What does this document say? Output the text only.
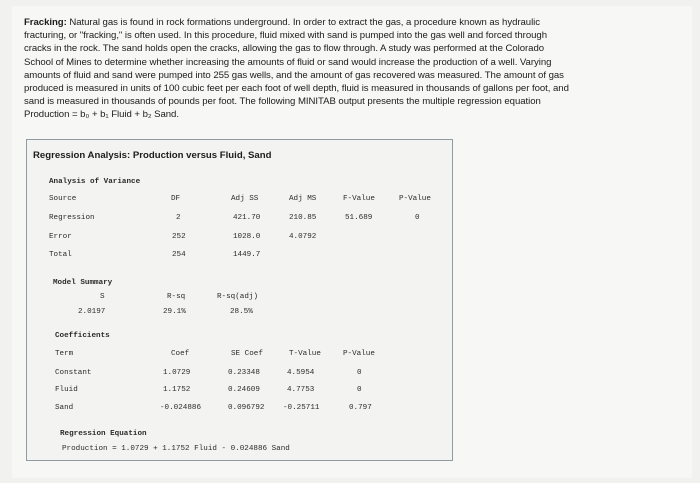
Fracking: Natural gas is found in rock formations underground. In order to extract the gas, a procedure known as hydraulic
fracturing, or "fracking," is often used. In this procedure, fluid mixed with sand is pumped into the gas well and forced through
cracks in the rock. The sand holds open the cracks, allowing the gas to flow through. A study was performed at the Colorado
School of Mines to determine whether increasing the amounts of fluid or sand would increase the production of a well. Varying
amounts of fluid and sand were pumped into 255 gas wells, and the amount of gas recovered was measured. The amount of gas
produced is measured in units of 100 cubic feet per each foot of well depth, fluid is measured in thousands of gallons per foot, and
sand is measured in thousands of pounds per foot. The following MINITAB output presents the multiple regression equation
Production = b₀ + b₁ Fluid + b₂ Sand.
Regression Analysis: Production versus Fluid, Sand
Analysis of Variance
Source	DF	Adj SS	Adj MS	F-Value	P-Value
Regression	2	421.70	210.85	51.689	0
Error	252	1028.0	4.0792
Total	254	1449.7
Model Summary
S	R-sq	R-sq(adj)
2.0197	29.1%	28.5%
Coefficients
Term	Coef	SE Coef	T-Value	P-Value
Constant	1.0729	0.23348	4.5954	0
Fluid	1.1752	0.24609	4.7753	0
Sand	-0.024886	0.096792 -0.25711	0.797
Regression Equation
Production = 1.0729 + 1.1752 Fluid - 0.024886 Sand
